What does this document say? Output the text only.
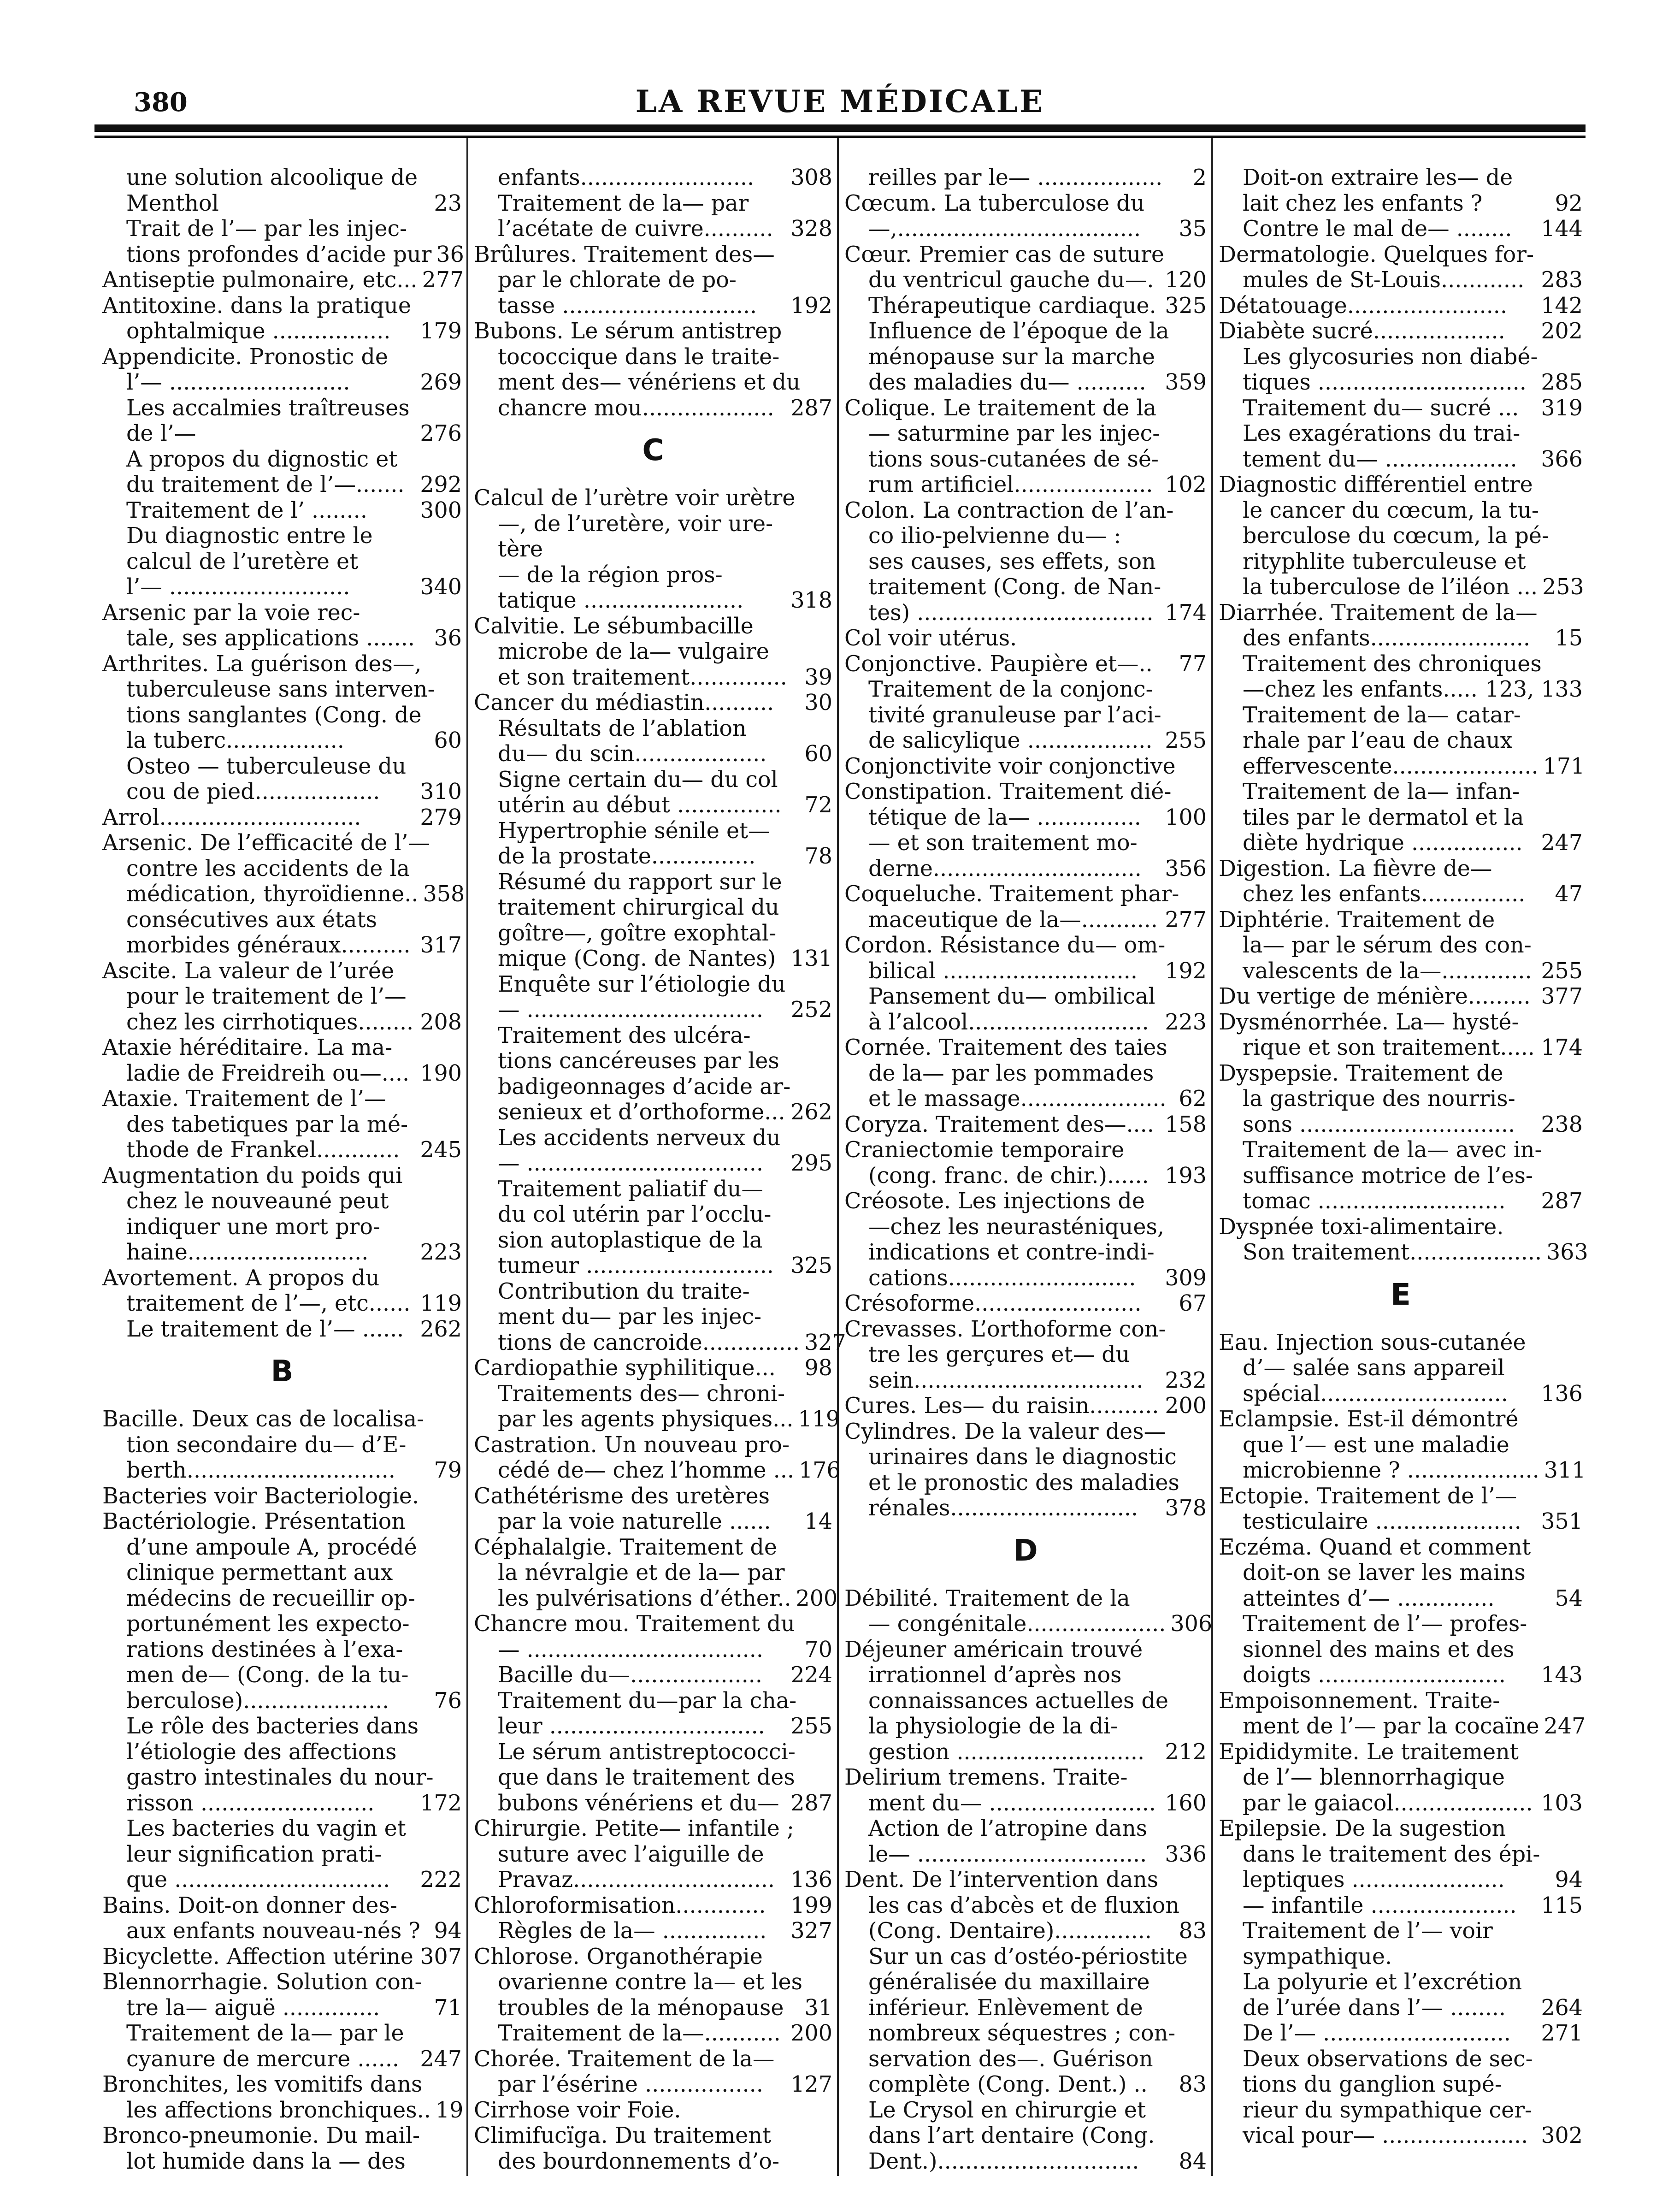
380	LA REVUE MÉDICALE
une solution alcoolique de
Menthol	23
Trait de l’— par les injec-
tions profondes d’acide pur 36
Antiseptie pulmonaire, etc... 277
Antitoxine. dans la pratique
ophtalmique ................. 179
Appendicite. Pronostic de
l’— ..........................	269
Les accalmies traîtreuses
de l’—	276
A propos du dignostic et
du traitement de l’—....... 292
Traitement de l’ ........ 300
Du diagnostic entre le
calcul de l’uretère et
l’— ..........................	340
Arsenic par la voie rec-
tale, ses applications ....... 36
Arthrites. La guérison des—,
tuberculeuse sans interven-
tions sanglantes (Cong. de
la tuberc.................	60
Osteo — tuberculeuse du
cou de pied.................. 310
Arrol.............................	279
Arsenic. De l’efficacité de l’—
contre les accidents de la
médication, thyroïdienne.. 358
consécutives aux états
morbides généraux.......... 317
Ascite. La valeur de l’urée
pour le traitement de l’—
chez les cirrhotiques........ 208
Ataxie héréditaire. La ma-
ladie de Freidreih ou—.... 190
Ataxie. Traitement de l’—
des tabetiques par la mé-
thode de Frankel............ 245
Augmentation du poids qui
chez le nouveauné peut
indiquer une mort pro-
haine.......................... 223
Avortement. A propos du
traitement de l’—, etc...... 119
Le traitement de l’— ...... 262
B
Bacille. Deux cas de localisa-
tion secondaire du— d’E-
berth.............................. 79
Bacteries voir Bacteriologie.
Bactériologie. Présentation
d’une ampoule A, procédé
clinique permettant aux
médecins de recueillir op-
portunément les expecto-
rations destinées à l’exa-
men de— (Cong. de la tu-
berculose)..................... 76
Le rôle des bacteries dans
l’étiologie des affections
gastro intestinales du nour-
risson ......................... 172
Les bacteries du vagin et
leur signification prati-
que ............................... 222
Bains. Doit-on donner des-
aux enfants nouveau-nés ? 94
Bicyclette. Affection utérine 307
Blennorrhagie. Solution con-
tre la— aiguë .............. 71
Traitement de la— par le
cyanure de mercure ...... 247
Bronchites, les vomitifs dans
les affections bronchiques.. 19
Bronco-pneumonie. Du mail-
lot humide dans la — des
enfants......................... 308
Traitement de la— par
l’acétate de cuivre.......... 328
Brûlures. Traitement des—
par le chlorate de po-
tasse ............................ 192
Bubons. Le sérum antistrep
tococcique dans le traite-
ment des— vénériens et du
chancre mou................... 287
C
Calcul de l’urètre voir urètre
—, de l’uretère, voir ure-
tère
— de la région pros-
tatique ....................... 318
Calvitie. Le sébumbacille
microbe de la— vulgaire
et son traitement.............. 39
Cancer du médiastin.......... 30
Résultats de l’ablation
du— du scin................... 60
Signe certain du— du col
utérin au début ............... 72
Hypertrophie sénile et—
de la prostate............... 78
Résumé du rapport sur le
traitement chirurgical du
goître—, goître exophtal-
mique (Cong. de Nantes) 131
Enquête sur l’étiologie du
— .................................. 252
Traitement des ulcéra-
tions cancéreuses par les
badigeonnages d’acide ar-
senieux et d’orthoforme... 262
Les accidents nerveux du
— .................................. 295
Traitement paliatif du—
du col utérin par l’occlu-
sion autoplastique de la
tumeur ........................... 325
Contribution du traite-
ment du— par les injec-
tions de cancroide.............. 327
Cardiopathie syphilitique... 98
Traitements des— chroni-
par les agents physiques... 119
Castration. Un nouveau pro-
cédé de— chez l’homme ... 176
Cathétérisme des uretères
par la voie naturelle ...... 14
Céphalalgie. Traitement de
la névralgie et de la— par
les pulvérisations d’éther.. 200
Chancre mou. Traitement du
— .................................. 70
Bacille du—................... 224
Traitement du—par la cha-
leur ............................... 255
Le sérum antistreptococci-
que dans le traitement des
bubons vénériens et du— 287
Chirurgie. Petite— infantile ;
suture avec l’aiguille de
Pravaz............................. 136
Chloroformisation............. 199
Règles de la— ............... 327
Chlorose. Organothérapie
ovarienne contre la— et les
troubles de la ménopause 31
Traitement de la—........... 200
Chorée. Traitement de la—
par l’ésérine ................. 127
Cirrhose voir Foie.
Climifucïga. Du traitement
des bourdonnements d’o-
reilles par le— .................. 2
Cœcum. La tuberculose du
—,................................... 35
Cœur. Premier cas de suture
du ventricul gauche du—. 120
Thérapeutique cardiaque. 325
Influence de l’époque de la
ménopause sur la marche
des maladies du— .......... 359
Colique. Le traitement de la
— saturmine par les injec-
tions sous-cutanées de sé-
rum artificiel.................... 102
Colon. La contraction de l’an-
co ilio-pelvienne du— :
ses causes, ses effets, son
traitement (Cong. de Nan-
tes) .................................. 174
Col voir utérus.
Conjonctive. Paupière et—.. 77
Traitement de la conjonc-
tivité granuleuse par l’aci-
de salicylique .................. 255
Conjonctivite voir conjonctive
Constipation. Traitement dié-
tétique de la— ............... 100
— et son traitement mo-
derne.............................. 356
Coqueluche. Traitement phar-
maceutique de la—........... 277
Cordon. Résistance du— om-
bilical ............................ 192
Pansement du— ombilical
à l’alcool.......................... 223
Cornée. Traitement des taies
de la— par les pommades
et le massage..................... 62
Coryza. Traitement des—.... 158
Craniectomie temporaire
(cong. franc. de chir.)...... 193
Créosote. Les injections de
—chez les neurasténiques,
indications et contre-indi-
cations........................... 309
Crésoforme........................ 67
Crevasses. L’orthoforme con-
tre les gerçures et— du
sein................................. 232
Cures. Les— du raisin.......... 200
Cylindres. De la valeur des—
urinaires dans le diagnostic
et le pronostic des maladies
rénales........................... 378
D
Débilité. Traitement de la
— congénitale.................... 306
Déjeuner américain trouvé
irrationnel d’après nos
connaissances actuelles de
la physiologie de la di-
gestion ........................... 212
Delirium tremens. Traite-
ment du— ........................ 160
Action de l’atropine dans
le— ................................. 336
Dent. De l’intervention dans
les cas d’abcès et de fluxion
(Cong. Dentaire).............. 83
Sur un cas d’ostéo-périostite
généralisée du maxillaire
inférieur. Enlèvement de
nombreux séquestres ; con-
servation des—. Guérison
complète (Cong. Dent.) .. 83
Le Crysol en chirurgie et
dans l’art dentaire (Cong.
Dent.)............................. 84
Doit-on extraire les— de
lait chez les enfants ?	92
Contre le mal de— ........ 144
Dermatologie. Quelques for-
mules de St-Louis............ 283
Détatouage....................... 142
Diabète sucré................... 202
Les glycosuries non diabé-
tiques .............................. 285
Traitement du— sucré ... 319
Les exagérations du trai-
tement du— ................... 366
Diagnostic différentiel entre
le cancer du cœcum, la tu-
berculose du cœcum, la pé-
rityphlite tuberculeuse et
la tuberculose de l’iléon ... 253
Diarrhée. Traitement de la—
des enfants....................... 15
Traitement des chroniques
—chez les enfants..... 123, 133
Traitement de la— catar-
rhale par l’eau de chaux
effervescente..................... 171
Traitement de la— infan-
tiles par le dermatol et la
diète hydrique ................ 247
Digestion. La fièvre de—
chez les enfants............... 47
Diphtérie. Traitement de
la— par le sérum des con-
valescents de la—............. 255
Du vertige de ménière......... 377
Dysménorrhée. La— hysté-
rique et son traitement..... 174
Dyspepsie. Traitement de
la gastrique des nourris-
sons ............................... 238
Traitement de la— avec in-
suffisance motrice de l’es-
tomac ........................... 287
Dyspnée toxi-alimentaire.
Son traitement................... 363
E
Eau. Injection sous-cutanée
d’— salée sans appareil
spécial........................... 136
Eclampsie. Est-il démontré
que l’— est une maladie
microbienne ? ................... 311
Ectopie. Traitement de l’—
testiculaire ..................... 351
Eczéma. Quand et comment
doit-on se laver les mains
atteintes d’— ..............	54
Traitement de l’— profes-
sionnel des mains et des
doigts ........................... 143
Empoisonnement. Traite-
ment de l’— par la cocaïne 247
Epididymite. Le traitement
de l’— blennorrhagique
par le gaiacol.................... 103
Epilepsie. De la sugestion
dans le traitement des épi-
leptiques ...................... 94
— infantile ..................... 115
Traitement de l’— voir
sympathique.
La polyurie et l’excrétion
de l’urée dans l’— ........ 264
De l’— ........................... 271
Deux observations de sec-
tions du ganglion supé-
rieur du sympathique cer-
vical pour— ..................... 302
